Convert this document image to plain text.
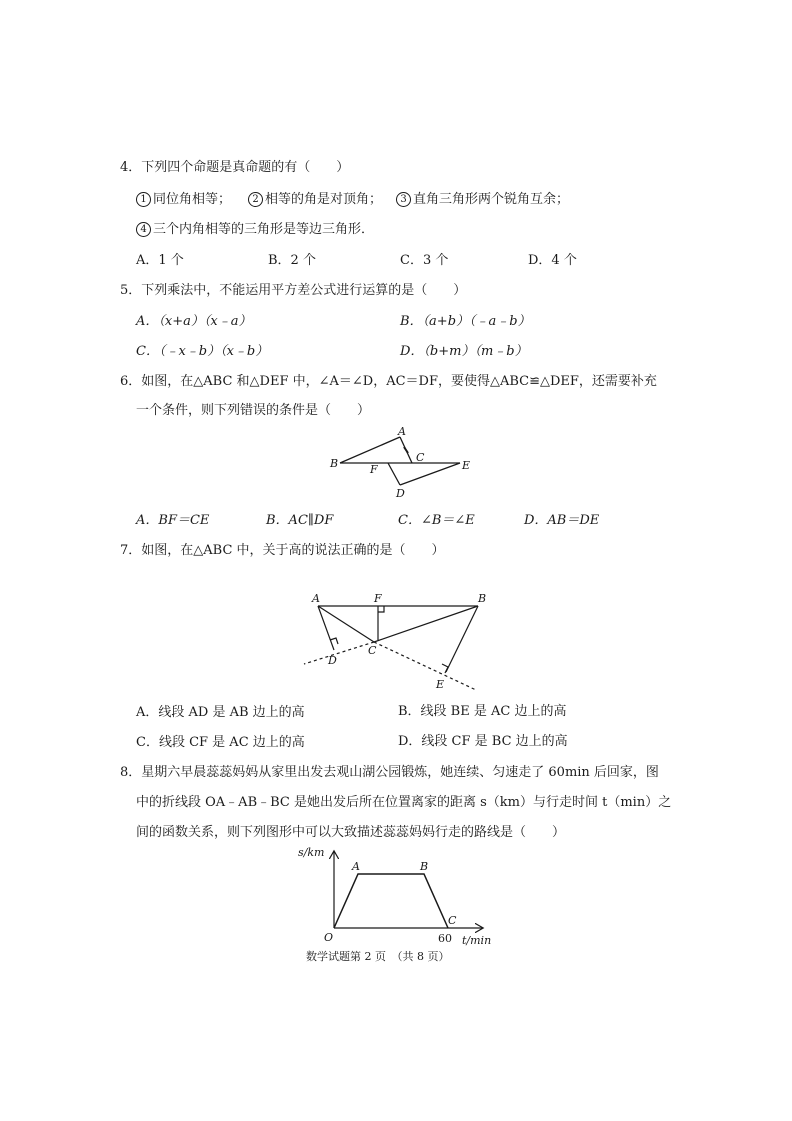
4．下列四个命题是真命题的有（　　）
1 同位角相等；	2 相等的角是对顶角；	3 直角三角形两个锐角互余；
4 三个内角相等的三角形是等边三角形．
A．1 个	B．2 个	C．3 个	D．4 个
5．下列乘法中，不能运用平方差公式进行运算的是（　　）
A．（x+a）（x﹣a）	B．（a+b）（﹣a﹣b）
C．（﹣x﹣b）（x﹣b）	D．（b+m）（m﹣b）
6．如图，在△ABC 和△DEF 中，∠A＝∠D，AC＝DF，要使得△ABC≌△DEF，还需要补充
一个条件，则下列错误的条件是（　　）
B
A
C
E
F
D
A．BF＝CE	B．AC∥DF	C．∠B＝∠E	D．AB＝DE
7．如图，在△ABC 中，关于高的说法正确的是（　　）
A	F	B
C
D
E
A．线段 AD 是 AB 边上的高	B．线段 BE 是 AC 边上的高
C．线段 CF 是 AC 边上的高	D．线段 CF 是 BC 边上的高
8．星期六早晨蕊蕊妈妈从家里出发去观山湖公园锻炼，她连续、匀速走了 60min 后回家，图
中的折线段 OA﹣AB﹣BC 是她出发后所在位置离家的距离 s（km）与行走时间 t（min）之
间的函数关系，则下列图形中可以大致描述蕊蕊妈妈行走的路线是（　　）
s/km
t/min
O
A	B
C
60
数学试题第 2 页　（共 8 页）
